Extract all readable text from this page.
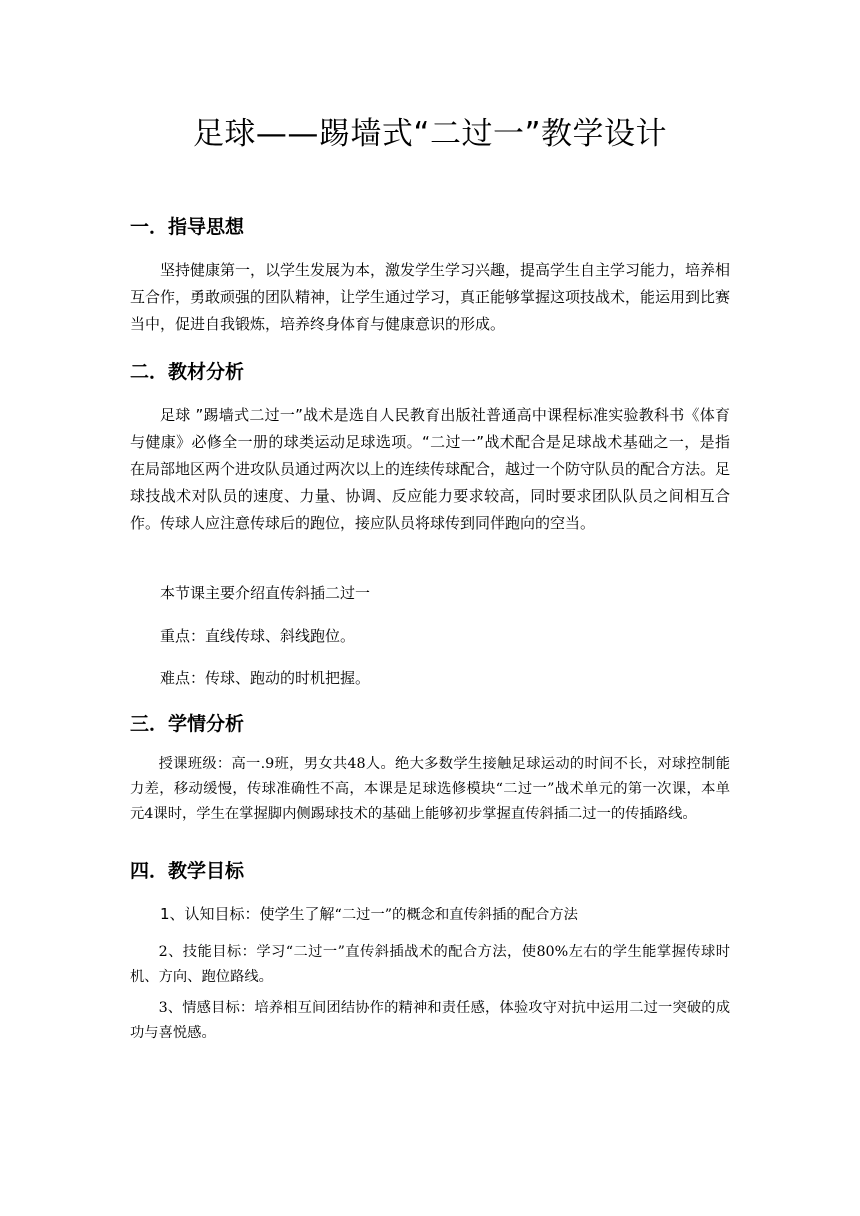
足球——踢墙式“二过一”教学设计
一．指导思想

坚持健康第一，以学生发展为本，激发学生学习兴趣，提高学生自主学习能力，培养相互合作，勇敢顽强的团队精神，让学生通过学习，真正能够掌握这项技战术，能运用到比赛当中，促进自我锻炼，培养终身体育与健康意识的形成。

二．教材分析

足球 ”踢墙式二过一”战术是选自人民教育出版社普通高中课程标准实验教科书《体育与健康》必修全一册的球类运动足球选项。“二过一”战术配合是足球战术基础之一，是指在局部地区两个进攻队员通过两次以上的连续传球配合，越过一个防守队员的配合方法。足球技战术对队员的速度、力量、协调、反应能力要求较高，同时要求团队队员之间相互合作。传球人应注意传球后的跑位，接应队员将球传到同伴跑向的空当。

本节课主要介绍直传斜插二过一

重点：直线传球、斜线跑位。

难点：传球、跑动的时机把握。

三．学情分析

授课班级：高一.9班，男女共48人。绝大多数学生接触足球运动的时间不长，对球控制能力差，移动缓慢，传球准确性不高，本课是足球选修模块“二过一”战术单元的第一次课，本单元4课时，学生在掌握脚内侧踢球技术的基础上能够初步掌握直传斜插二过一的传插路线。

四．教学目标

1、认知目标：使学生了解“二过一”的概念和直传斜插的配合方法

2、技能目标：学习“二过一”直传斜插战术的配合方法，使80%左右的学生能掌握传球时机、方向、跑位路线。

3、情感目标：培养相互间团结协作的精神和责任感，体验攻守对抗中运用二过一突破的成功与喜悦感。
